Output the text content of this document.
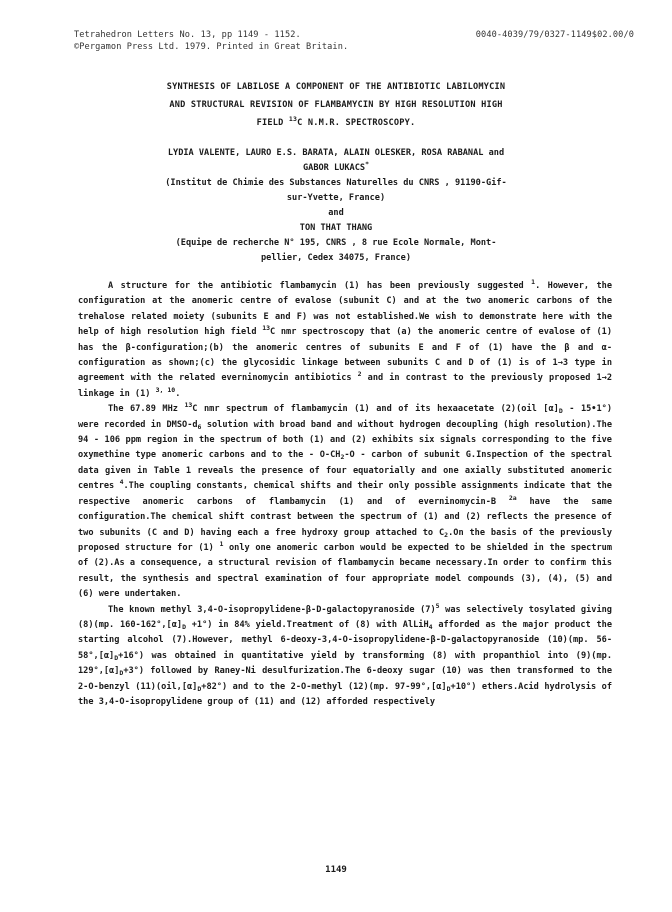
Tetrahedron Letters No. 13, pp 1149 - 1152.	0040-4039/79/0327-1149$02.00/0
©Pergamon Press Ltd. 1979. Printed in Great Britain.
SYNTHESIS OF LABILOSE A COMPONENT OF THE ANTIBIOTIC LABILOMYCIN
AND STRUCTURAL REVISION OF FLAMBAMYCIN BY HIGH RESOLUTION HIGH
FIELD $^{13}$C N.M.R. SPECTROSCOPY.
LYDIA VALENTE, LAURO E.S. BARATA, ALAIN OLESKER, ROSA RABANAL and
GABOR LUKACS*
(Institut de Chimie des Substances Naturelles du CNRS , 91190-Gif-
sur-Yvette, France)
and
TON THAT THANG
(Equipe de recherche N° 195, CNRS , 8 rue Ecole Normale, Mont-
pellier, Cedex 34075, France)

A structure for the antibiotic flambamycin (1) has been previously suggested $^1$. However, the configuration at the anomeric centre of evalose (subunit C) and at the two anomeric carbons of the trehalose related moiety (subunits E and F) was not established.We wish to demonstrate here with the help of high resolution high field $^{13}$C nmr spectroscopy that (a) the anomeric centre of evalose of (1) has the β-configuration;(b) the anomeric centres of subunits E and F of (1) have the β and α-configuration as shown;(c) the glycosidic linkage between subunits C and D of (1) is of 1→3 type in agreement with the related everninomycin antibiotics $^2$ and in contrast to the previously proposed 1→2 linkage in (1) $^{3, 10}$.

The 67.89 MHz $^{13}$C nmr spectrum of flambamycin (1) and of its hexaacetate (2)(oil $[\alpha]_D$ - 15•1°) were recorded in DMSO-$d_6$ solution with broad band and without hydrogen decoupling (high resolution).The 94 - 106 ppm region in the spectrum of both (1) and (2) exhibits six signals corresponding to the five oxymethine type anomeric carbons and to the - $O-CH_2-O$ - carbon of subunit G.Inspection of the spectral data given in Table 1 reveals the presence of four equatorially and one axially substituted anomeric centres $^4$.The coupling constants, chemical shifts and their only possible assignments indicate that the respective anomeric carbons of flambamycin (1) and of everninomycin-B $^{2a}$ have the same configuration.The chemical shift contrast between the spectrum of (1) and (2) reflects the presence of two subunits (C and D) having each a free hydroxy group attached to $C_2.On$ the basis of the previously proposed structure for (1) $^1$ only one anomeric carbon would be expected to be shielded in the spectrum of (2).As a consequence, a structural revision of flambamycin became necessary.In order to confirm this result, the synthesis and spectral examination of four appropriate model compounds (3), (4), (5) and (6) were undertaken.

The known methyl 3,4-O-isopropylidene-β-D-galactopyranoside $(7)^5$ was selectively tosylated giving (8)(mp. $160-162^\circ,[\alpha]_D +1^\circ$) in 84% yield.Treatment of (8) with AlLiH$_4$ afforded as the major product the starting alcohol (7).However, methyl 6-deoxy-3,4-O-isopropylidene-β-D-galactopyranoside (10)(mp. $56-58^\circ,[\alpha]_D+16^\circ$) was obtained in quantitative yield by transforming (8) with propanthiol into (9)(mp. $129^\circ,[\alpha]_D+3^\circ$) followed by Raney-Ni desulfurization.The 6-deoxy sugar (10) was then transformed to the 2-O-benzyl $(11)(oil,[\alpha]_D+82^\circ)$ and to the 2-O-methyl (12)(mp. $97-99^\circ,[\alpha]_D+10^\circ$) ethers.Acid hydrolysis of the 3,4-O-isopropylidene group of (11) and (12) afforded respectively

1149
